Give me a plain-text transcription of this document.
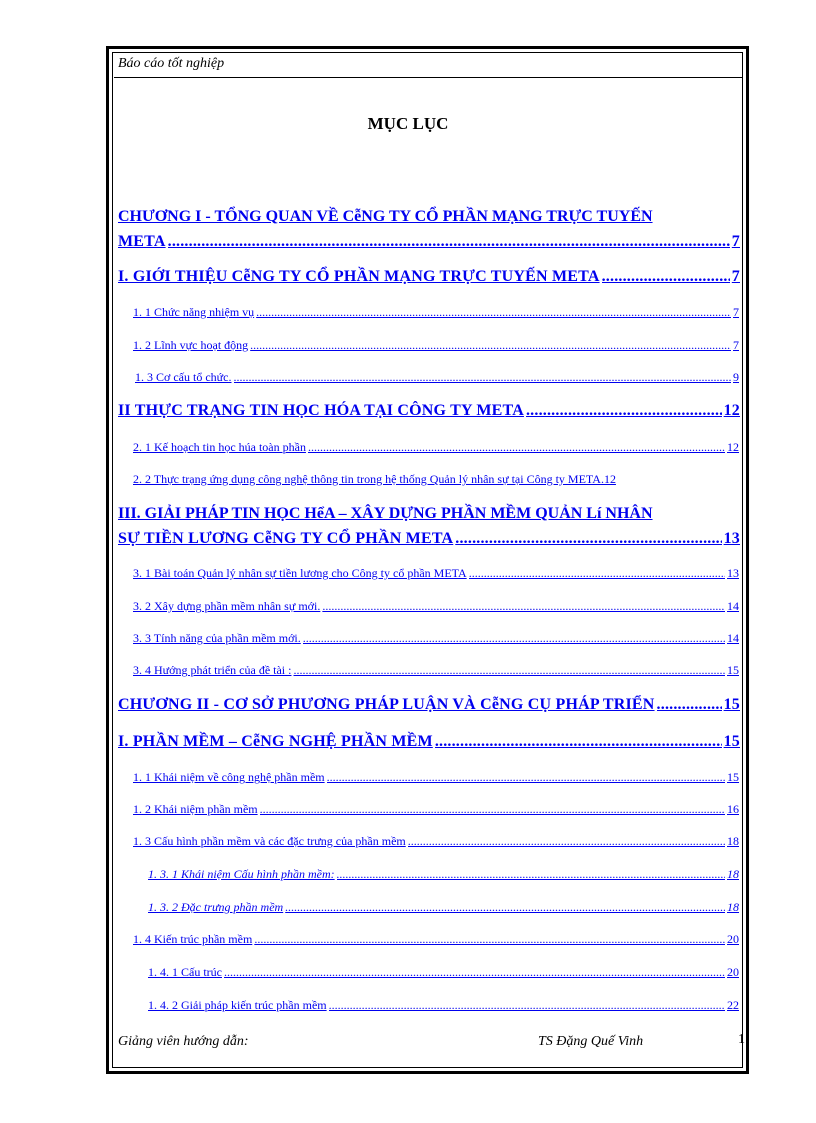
Báo cáo tốt nghiệp
MỤC LỤC
CHƯƠNG I - TỔNG QUAN VỀ CễNG TY CỔ PHẦN MẠNG TRỰC TUYẾN
META .....	7
I. GIỚI THIỆU CễNG TY CỔ PHẦN MẠNG TRỰC TUYẾN META .....	7
1. 1 Chức năng nhiệm vụ .....	7
1. 2 Lĩnh vực hoạt động .....	7
1. 3 Cơ cấu tổ chức. .....	9
II THỰC TRẠNG TIN HỌC HÓA TẠI CÔNG TY META .....	12
2. 1 Kế hoạch tin học húa toàn phần .....	12
2. 2 Thực trạng ứng dụng công nghệ thông tin trong hệ thống Quản lý nhân sự tại Công ty META .12
III. GIẢI PHÁP TIN HỌC HểA – XÂY DỰNG PHẦN MỀM QUẢN Lí NHÂN
SỰ TIỀN LƯƠNG CễNG TY CỔ PHẦN META .....	13
3. 1 Bài toán Quản lý nhân sự tiền lương cho Công ty cổ phần META .....	13
3. 2 Xây dựng phần mềm nhân sự mới. .....	14
3. 3 Tính năng của phần mềm mới. .....	14
3. 4 Hướng phát triển của đề tài : .....	15
CHƯƠNG II - CƠ SỞ PHƯƠNG PHÁP LUẬN VÀ CễNG CỤ PHÁP TRIỂN .....	15
I. PHẦN MỀM – CễNG NGHỆ PHẦN MỀM .....	15
1. 1 Khái niệm về công nghệ phần mềm .....	15
1. 2 Khái niệm phần mềm .....	16
1. 3 Cấu hình phần mềm và các đặc trưng của phần mềm .....	18
1. 3. 1 Khái niệm Cấu hình phần mềm: .....	18
1. 3. 2 Đặc trưng phần mềm .....	18
1. 4 Kiến trúc phần mềm .....	20
1. 4. 1 Cấu trúc .....	20
1. 4. 2 Giải pháp kiến trúc phần mềm .....	22
Giảng viên hướng dẫn:	TS Đặng Quế Vinh	1
